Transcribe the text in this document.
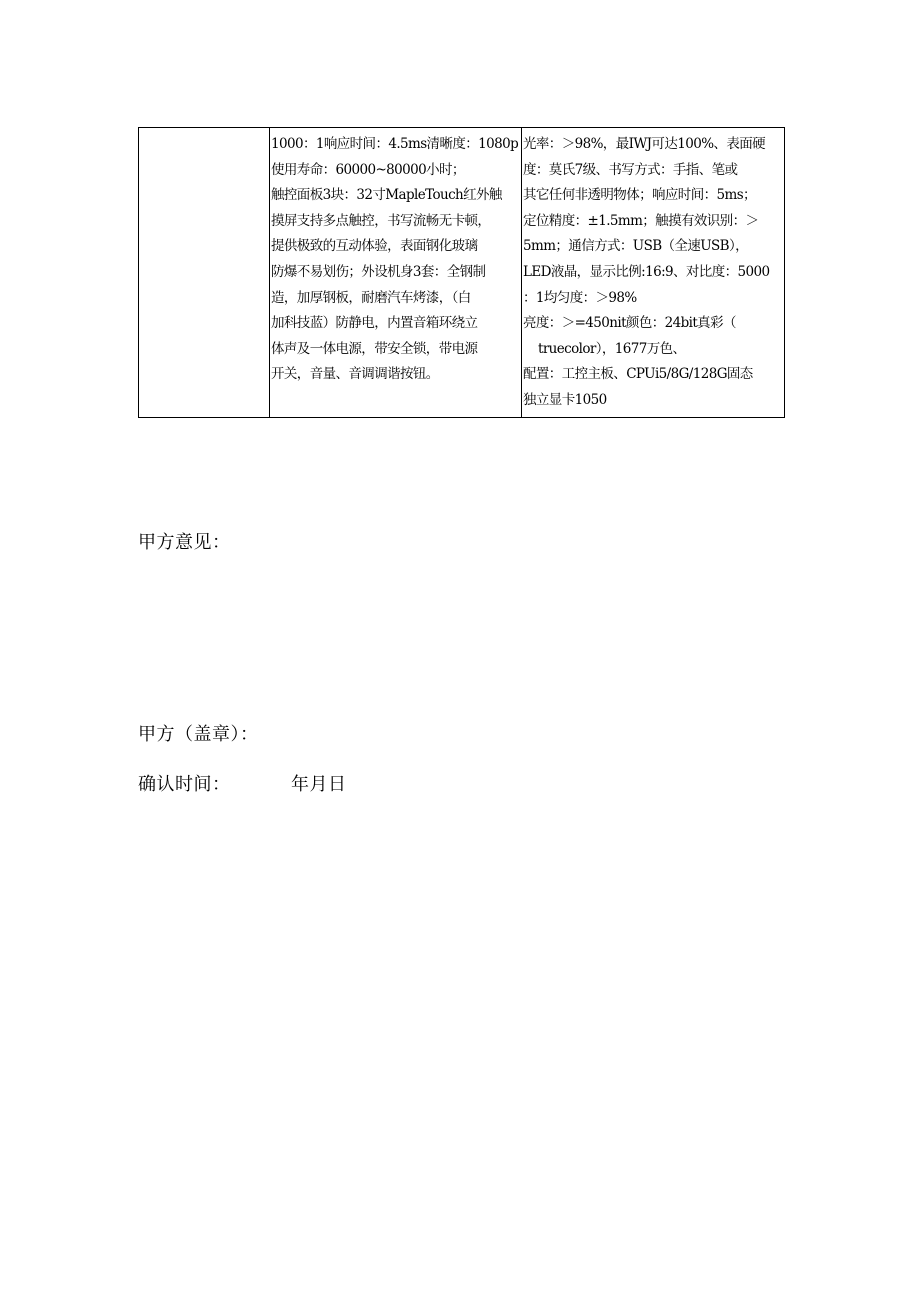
1000：1响应时间：4.5ms清晰度：1080p
使用寿命：60000~80000小时；
触控面板3块：32寸MapleTouch红外触
摸屏支持多点触控，书写流畅无卡顿，
提供极致的互动体验，表面钢化玻璃
防爆不易划伤；外设机身3套：全钢制
造，加厚钢板，耐磨汽车烤漆，（白
加科技蓝）防静电，内置音箱环绕立
体声及一体电源，带安全锁，带电源
开关，音量、音调调谐按钮。

光率：＞98%，最IWJ可达100%、表面硬
度：莫氏7级、书写方式：手指、笔或
其它任何非透明物体；响应时间：5ms；
定位精度：±1.5mm；触摸有效识别：＞
5mm；通信方式：USB（全速USB），
LED液晶，显示比例:16:9、对比度：5000
：1均匀度：＞98%
亮度：＞=450nit颜色：24bit真彩（
truecolor），1677万色、
配置：工控主板、CPUi5/8G/128G固态
独立显卡1050
甲方意见：
甲方（盖章）：
确认时间：	年月日
